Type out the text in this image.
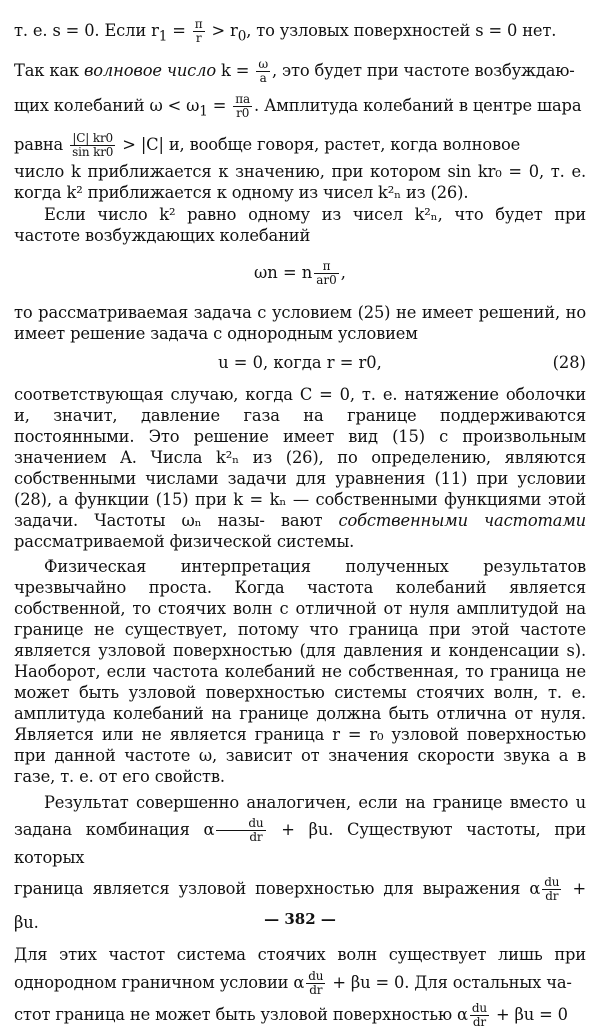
т. е. s = 0. Если $r_1 = \frac{\pi}{r} > r_0$, то узловых поверхностей s = 0 нет.

Так как волновое число $k = \frac{\omega}{a}$ , это будет при частоте возбуждаю-

щих колебаний $\omega < \omega_1 = \frac{\pi a}{r0}$ . Амплитуда колебаний в центре шара

равна $\frac{|C| kr0}{\text{sin kr0}} > |C|$ и, вообще говоря, растет, когда волновое

число k приближается к значению, при котором sin kr₀ = 0, т. е. когда k² приближается к одному из чисел k²ₙ из (26).

Если число k² равно одному из чисел k²ₙ, что будет при частоте возбуждающих колебаний

ωn = n $\frac{\pi}{ar0}$ ,

то рассматриваемая задача с условием (25) не имеет решений, но имеет решение задача с однородным условием

u = 0, когда r = r0,	(28)

соответствующая случаю, когда C = 0, т. е. натяжение оболочки и, значит, давление газа на границе поддерживаются постоянными. Это решение имеет вид (15) с произвольным значением A. Числа k²ₙ из (26), по определению, являются собственными числами задачи для уравнения (11) при условии (28), а функции (15) при k = kₙ — собственными функциями этой задачи. Частоты ωₙ назы- вают собственными частотами рассматриваемой физической системы.

Физическая интерпретация полученных результатов чрезвычайно проста. Когда частота колебаний является собственной, то стоячих волн с отличной от нуля амплитудой на границе не существует, потому что граница при этой частоте является узловой поверхностью (для давления и конденсации s). Наоборот, если частота колебаний не собственная, то граница не может быть узловой поверхностью системы стоячих волн, т. е. амплитуда колебаний на границе должна быть отлична от нуля. Является или не является граница r = r₀ узловой поверхностью при данной частоте ω, зависит от значения скорости звука a в газе, т. е. от его свойств.

Результат совершенно аналогичен, если на границе вместо u задана комбинация α $\frac{du}{dr} + \beta u$. Существуют частоты, при которых

граница является узловой поверхностью для выражения α $\frac{du}{dr} + \beta u$.

Для этих частот система стоячих волн существует лишь при однородном граничном условии α $\frac{du}{dr} + \beta u = 0$. Для остальных ча-

стот граница не может быть узловой поверхностью α $\frac{du}{dr} + \beta u = 0$

— 382 —
